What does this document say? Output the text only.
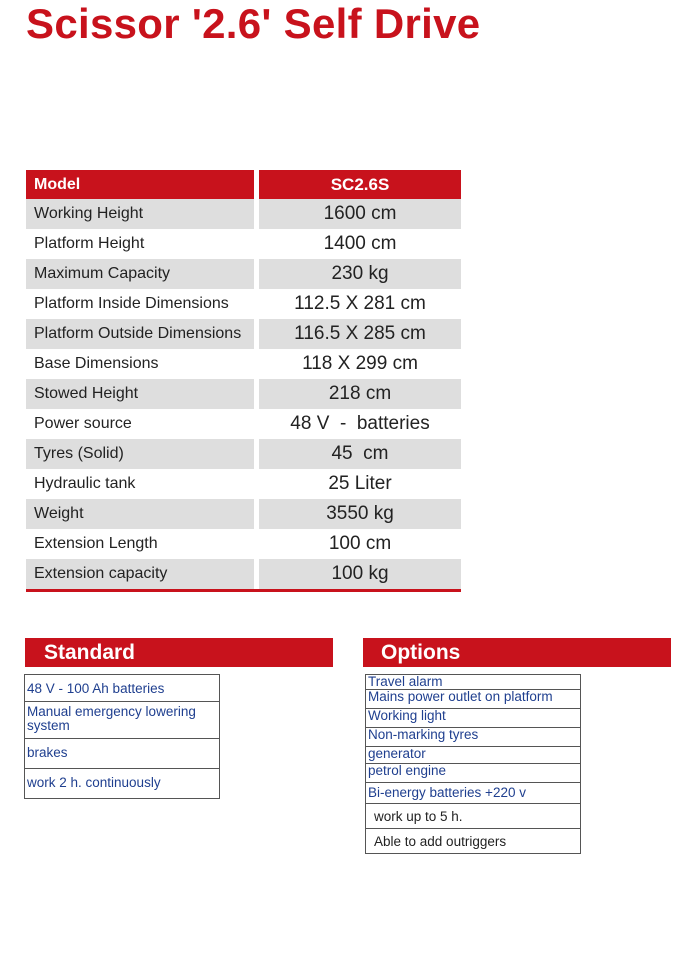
Scissor '2.6' Self Drive
Model	SC2.6S
Working Height	1600 cm
Platform Height	1400 cm
Maximum Capacity	230 kg
Platform Inside Dimensions	112.5 X 281 cm
Platform Outside Dimensions	116.5 X 285 cm
Base Dimensions	118 X 299 cm
Stowed Height	218 cm
Power source	48 V  -  batteries
Tyres (Solid)	45  cm
Hydraulic tank	25 Liter
Weight	3550 kg
Extension Length	100 cm
Extension capacity	100 kg
Standard
48 V - 100 Ah batteries
Manual emergency lowering system
brakes
work 2 h. continuously
Options
Travel alarm
Mains power outlet on platform
Working light
Non-marking tyres
generator
petrol engine
Bi-energy batteries +220 v
work up to 5 h.
Able to add outriggers
